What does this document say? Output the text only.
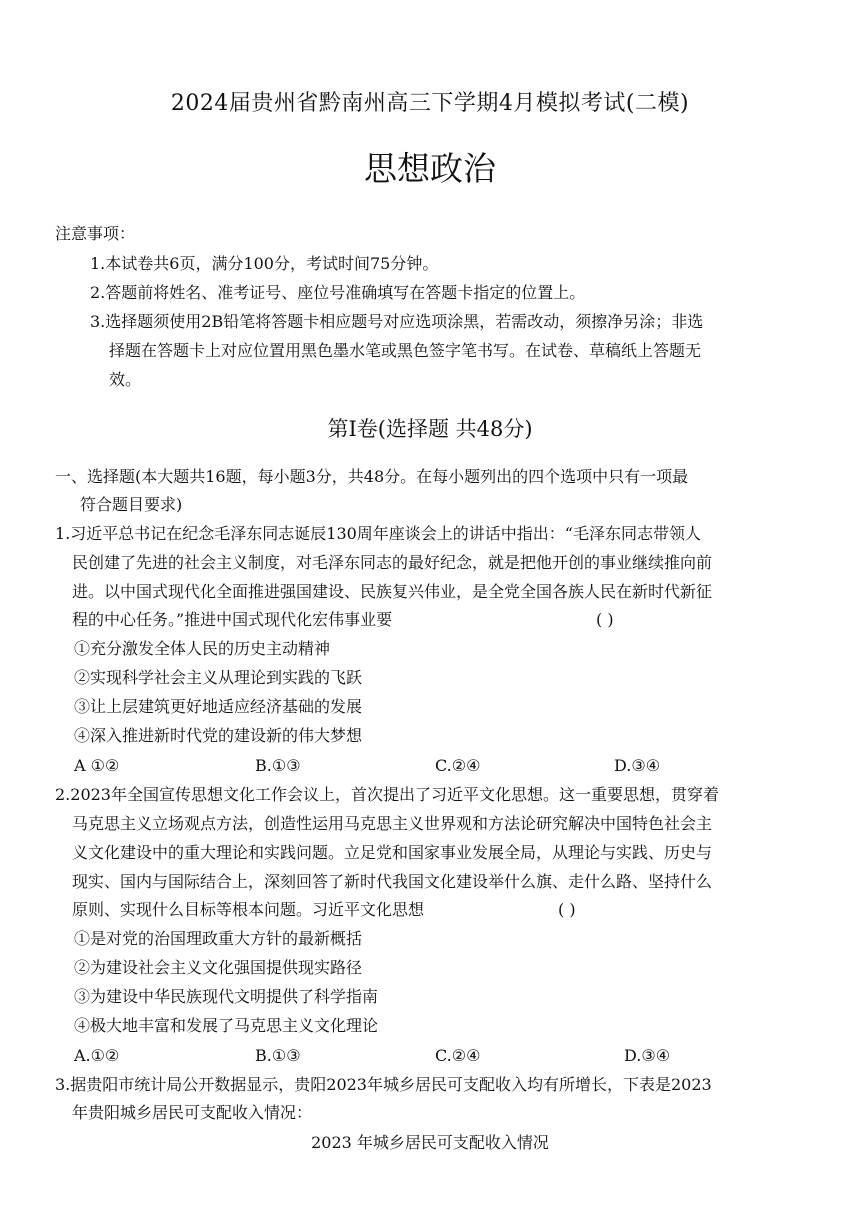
2024届贵州省黔南州高三下学期4月模拟考试(二模)
思想政治
注意事项：
1.本试卷共6页，满分100分，考试时间75分钟。
2.答题前将姓名、准考证号、座位号准确填写在答题卡指定的位置上。
3.选择题须使用2B铅笔将答题卡相应题号对应选项涂黑，若需改动，须擦净另涂；非选
择题在答题卡上对应位置用黑色墨水笔或黑色签字笔书写。在试卷、草稿纸上答题无
效。
第Ⅰ卷(选择题 共48分)
一、选择题(本大题共16题，每小题3分，共48分。在每小题列出的四个选项中只有一项最
符合题目要求)
1.习近平总书记在纪念毛泽东同志诞辰130周年座谈会上的讲话中指出：“毛泽东同志带领人
民创建了先进的社会主义制度，对毛泽东同志的最好纪念，就是把他开创的事业继续推向前
进。以中国式现代化全面推进强国建设、民族复兴伟业，是全党全国各族人民在新时代新征
程的中心任务。”推进中国式现代化宏伟事业要	( )
①充分激发全体人民的历史主动精神
②实现科学社会主义从理论到实践的飞跃
③让上层建筑更好地适应经济基础的发展
④深入推进新时代党的建设新的伟大梦想
A ①②	B.①③	C.②④	D.③④
2.2023年全国宣传思想文化工作会议上，首次提出了习近平文化思想。这一重要思想，贯穿着
马克思主义立场观点方法，创造性运用马克思主义世界观和方法论研究解决中国特色社会主
义文化建设中的重大理论和实践问题。立足党和国家事业发展全局，从理论与实践、历史与
现实、国内与国际结合上，深刻回答了新时代我国文化建设举什么旗、走什么路、坚持什么
原则、实现什么目标等根本问题。习近平文化思想	( )
①是对党的治国理政重大方针的最新概括
②为建设社会主义文化强国提供现实路径
③为建设中华民族现代文明提供了科学指南
④极大地丰富和发展了马克思主义文化理论
A.①②	B.①③	C.②④	D.③④
3.据贵阳市统计局公开数据显示，贵阳2023年城乡居民可支配收入均有所增长，下表是2023
年贵阳城乡居民可支配收入情况：
2023 年城乡居民可支配收入情况
